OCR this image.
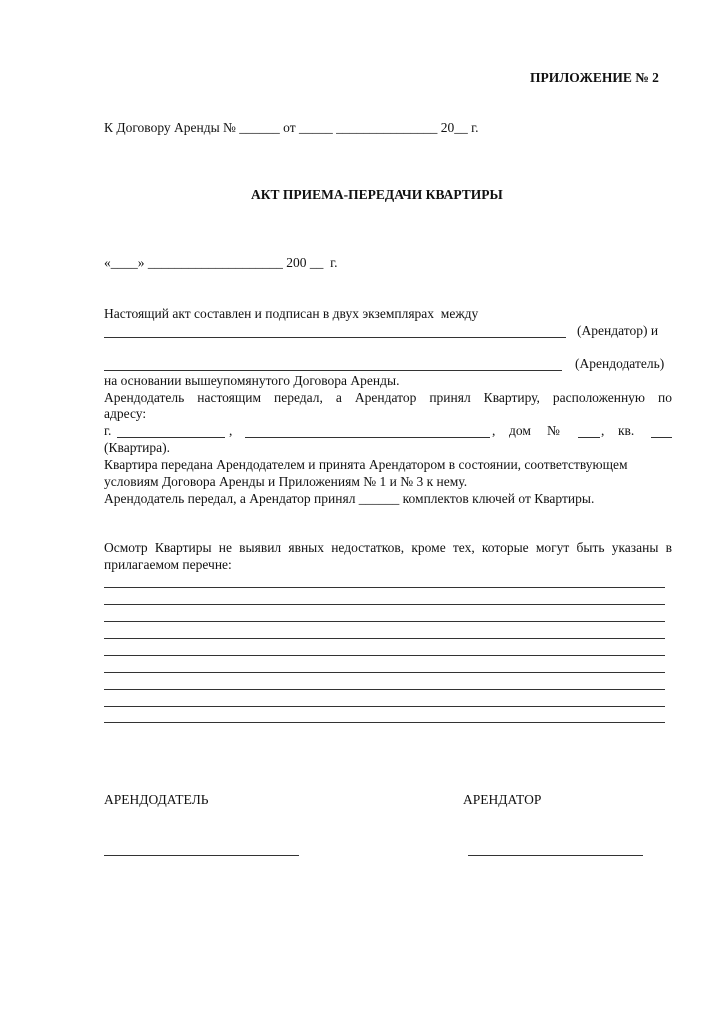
ПРИЛОЖЕНИЕ № 2
К Договору Аренды № ______ от _____ _______________ 20__ г.
АКТ ПРИЕМА-ПЕРЕДАЧИ КВАРТИРЫ
«____» ____________________ 200 __  г.
Настоящий акт составлен и подписан в двух экземплярах  между
(Арендатор) и
(Арендодатель)
на основании вышеупомянутого Договора Аренды.
Арендодатель настоящим передал, а Арендатор принял Квартиру, расположенную по
адресу:
г.	,	, дом №	, кв.
(Квартира).
Квартира передана Арендодателем и принята Арендатором в состоянии, соответствующем
условиям Договора Аренды и Приложениям № 1 и № 3 к нему.
Арендодатель передал, а Арендатор принял ______ комплектов ключей от Квартиры.
Осмотр Квартиры не выявил явных недостатков, кроме тех, которые могут быть указаны в
прилагаемом перечне:
АРЕНДОДАТЕЛЬ	АРЕНДАТОР
